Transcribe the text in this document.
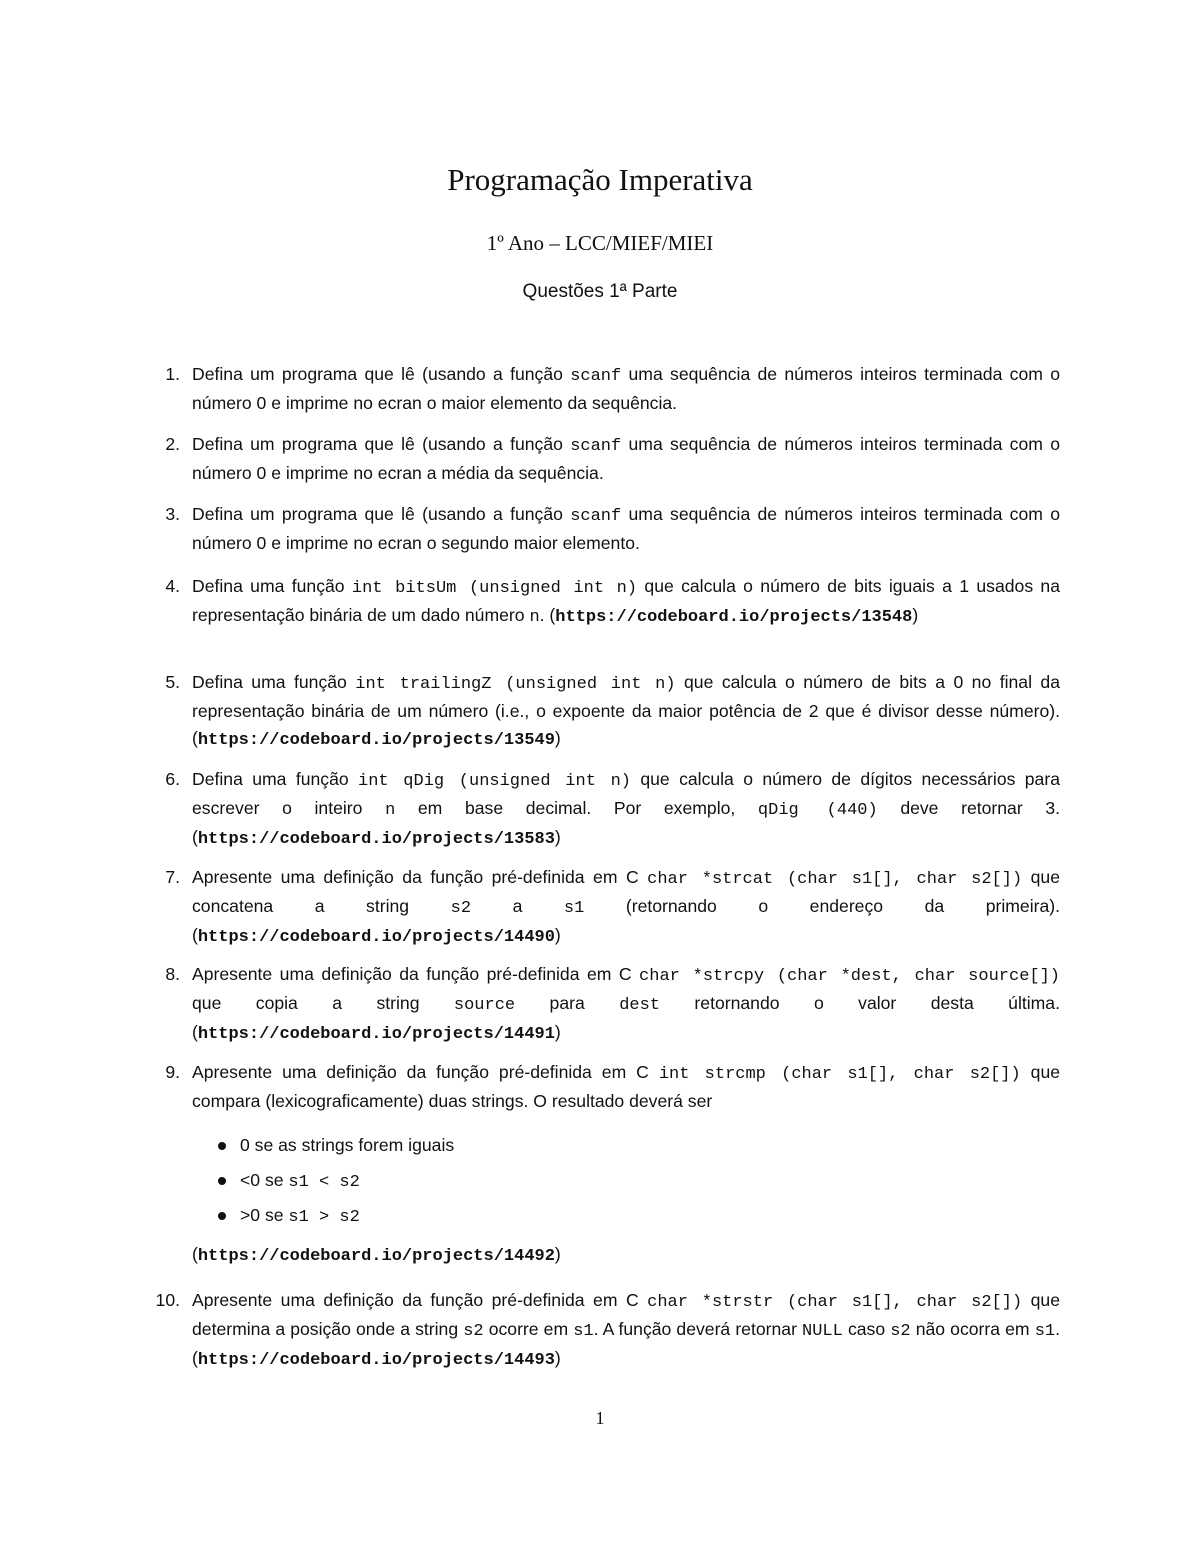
Programação Imperativa
1º Ano – LCC/MIEF/MIEI
Questões 1ª Parte
1. Defina um programa que lê (usando a função scanf uma sequência de números inteiros terminada com o número 0 e imprime no ecran o maior elemento da sequência.

2. Defina um programa que lê (usando a função scanf uma sequência de números inteiros terminada com o número 0 e imprime no ecran a média da sequência.

3. Defina um programa que lê (usando a função scanf uma sequência de números inteiros terminada com o número 0 e imprime no ecran o segundo maior elemento.

4. Defina uma função int bitsUm (unsigned int n) que calcula o número de bits iguais a 1 usados na representação binária de um dado número n. (https://codeboard.io/projects/13548)

5. Defina uma função int trailingZ (unsigned int n) que calcula o número de bits a 0 no final da representação binária de um número (i.e., o expoente da maior potência de 2 que é divisor desse número). (https://codeboard.io/projects/13549)

6. Defina uma função int qDig (unsigned int n) que calcula o número de dígitos necessários para escrever o inteiro n em base decimal. Por exemplo, qDig (440) deve retornar 3. (https://codeboard.io/projects/13583)

7. Apresente uma definição da função pré-definida em C char *strcat (char s1[], char s2[]) que concatena a string s2 a s1 (retornando o endereço da primeira). (https://codeboard.io/projects/14490)

8. Apresente uma definição da função pré-definida em C char *strcpy (char *dest, char source[]) que copia a string source para dest retornando o valor desta última. (https://codeboard.io/projects/14491)

9. Apresente uma definição da função pré-definida em C int strcmp (char s1[], char s2[]) que compara (lexicograficamente) duas strings. O resultado deverá ser

0 se as strings forem iguais
<0 se s1 < s2
>0 se s1 > s2
(https://codeboard.io/projects/14492)
10. Apresente uma definição da função pré-definida em C char *strstr (char s1[], char s2[]) que determina a posição onde a string s2 ocorre em s1. A função deverá retornar NULL caso s2 não ocorra em s1. (https://codeboard.io/projects/14493)

1
